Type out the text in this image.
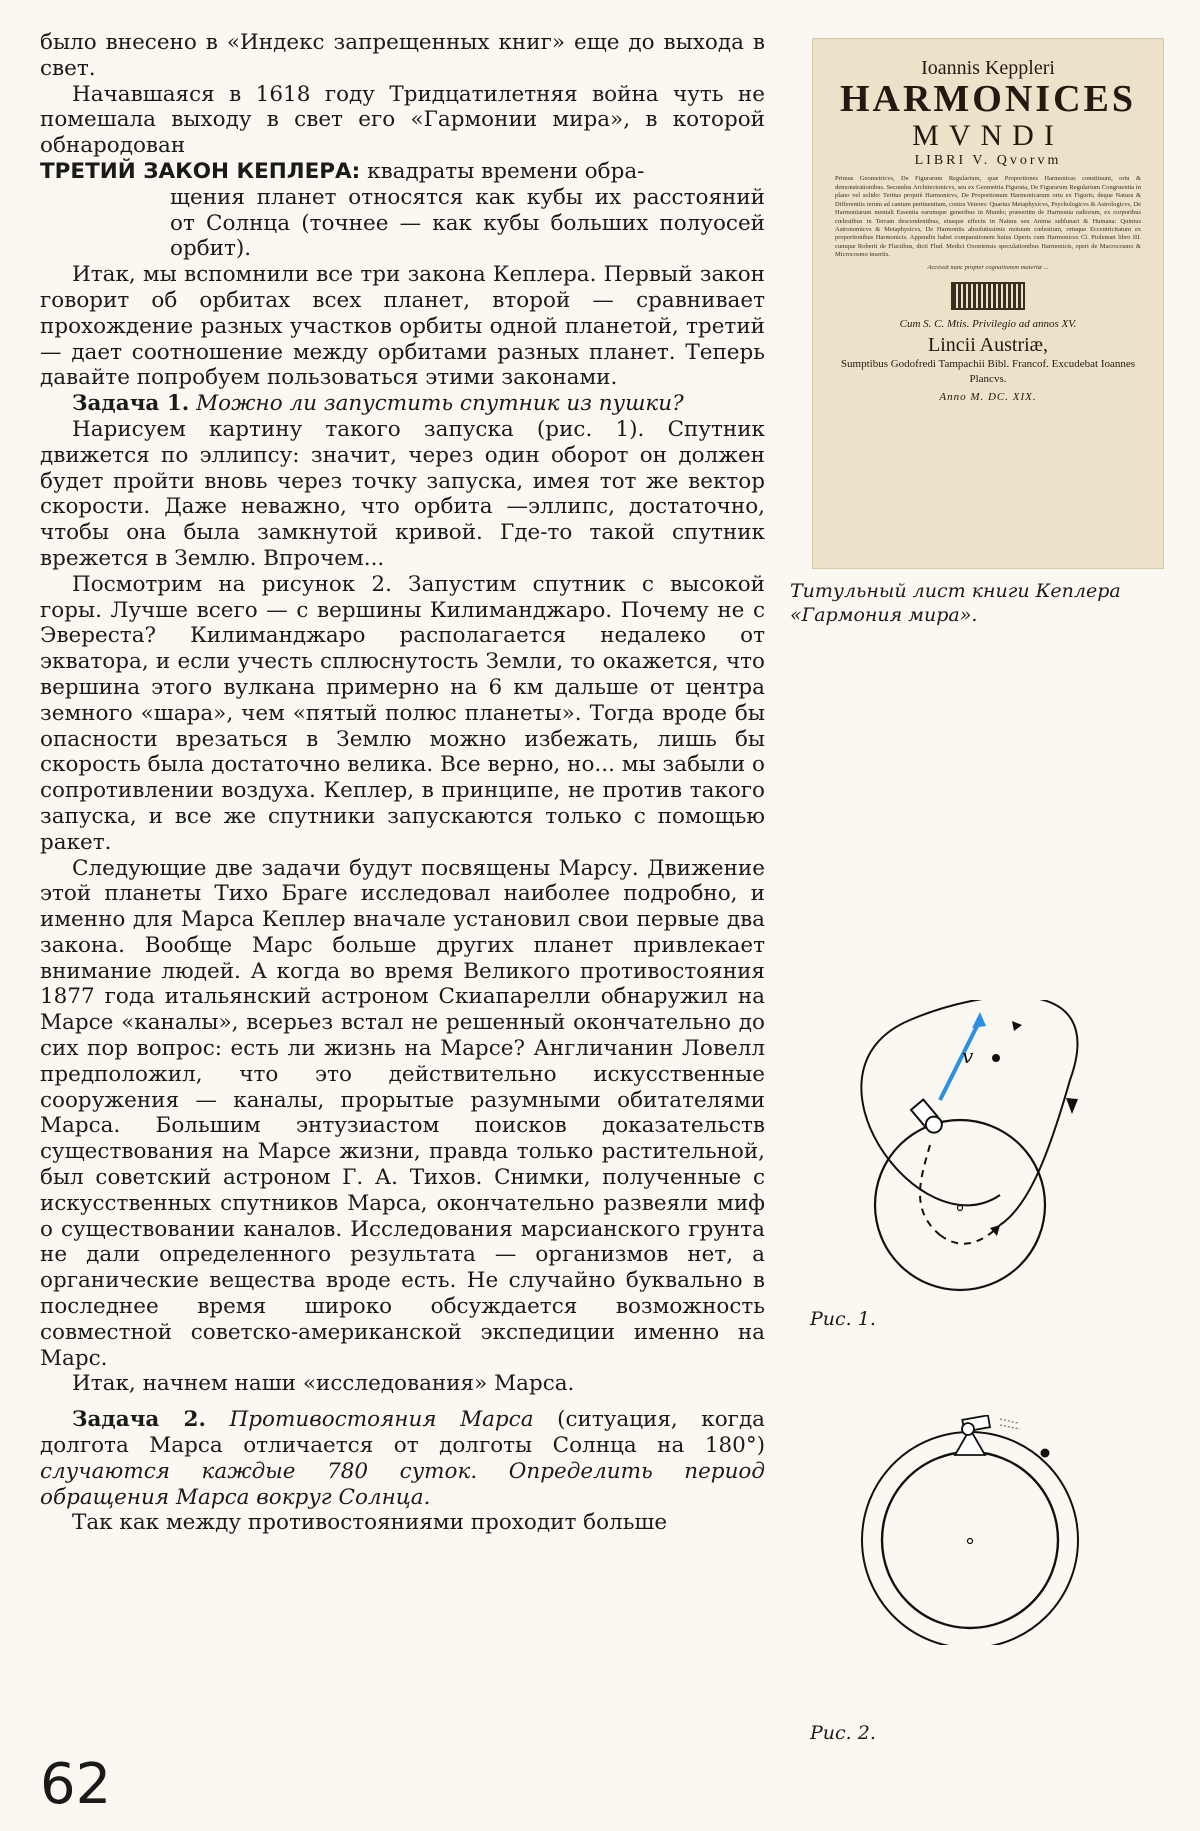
было внесено в «Индекс запрещенных книг» еще до выхода в свет.

Начавшаяся в 1618 году Тридцатилетняя война чуть не помешала выходу в свет его «Гармонии мира», в которой обнародован

ТРЕТИЙ ЗАКОН КЕПЛЕРА: квадраты времени обра-
щения планет относятся как кубы их расстояний от Солнца (точнее — как кубы больших полуосей орбит).

Итак, мы вспомнили все три закона Кеплера. Первый закон говорит об орбитах всех планет, второй — сравнивает прохождение разных участков орбиты одной планетой, третий — дает соотношение между орбитами разных планет. Теперь давайте попробуем пользоваться этими законами.

Задача 1. Можно ли запустить спутник из пушки?

Нарисуем картину такого запуска (рис. 1). Спутник движется по эллипсу: значит, через один оборот он должен будет пройти вновь через точку запуска, имея тот же вектор скорости. Даже неважно, что орбита —эллипс, достаточно, чтобы она была замкнутой кривой. Где-то такой спутник врежется в Землю. Впрочем...

Посмотрим на рисунок 2. Запустим спутник с высокой горы. Лучше всего — с вершины Килиманджаро. Почему не с Эвереста? Килиманджаро располагается недалеко от экватора, и если учесть сплюснутость Земли, то окажется, что вершина этого вулкана примерно на 6 км дальше от центра земного «шара», чем «пятый полюс планеты». Тогда вроде бы опасности врезаться в Землю можно избежать, лишь бы скорость была достаточно велика. Все верно, но... мы забыли о сопротивлении воздуха. Кеплер, в принципе, не против такого запуска, и все же спутники запускаются только с помощью ракет.

Следующие две задачи будут посвящены Марсу. Движение этой планеты Тихо Браге исследовал наиболее подробно, и именно для Марса Кеплер вначале установил свои первые два закона. Вообще Марс больше других планет привлекает внимание людей. А когда во время Великого противостояния 1877 года итальянский астроном Скиапарелли обнаружил на Марсе «каналы», всерьез встал не решенный окончательно до сих пор вопрос: есть ли жизнь на Марсе? Англичанин Ловелл предположил, что это действительно искусственные сооружения — каналы, прорытые разумными обитателями Марса. Большим энтузиастом поисков доказательств существования на Марсе жизни, правда только растительной, был советский астроном Г. А. Тихов. Снимки, полученные с искусственных спутников Марса, окончательно развеяли миф о существовании каналов. Исследования марсианского грунта не дали определенного результата — организмов нет, а органические вещества вроде есть. Не случайно буквально в последнее время широко обсуждается возможность совместной советско-американской экспедиции именно на Марс.

Итак, начнем наши «исследования» Марса.

Задача 2. Противостояния Марса (ситуация, когда долгота Марса отличается от долготы Солнца на 180°) случаются каждые 780 суток. Определить период обращения Марса вокруг Солнца.

Так как между противостояниями проходит больше

Ioannis Keppleri
HARMONICES
MVNDI
LIBRI V. Qvorvm
Primus Geometricvs, De Figurarum Regularium, quæ Proportiones Harmonicas constituunt, ortu & demonstrationibus. Secundus Architectonicvs, seu ex Geometria Figurata, De Figurarum Regularium Congruentia in plano vel solido: Tertius propriè Harmonicvs, De Proportionum Harmonicarum ortu ex Figuris; deque Natura & Differentiis rerum ad cantum pertinentium, contra Veteres: Quartus Metaphysicvs, Psychologicvs & Astrologicvs, De Harmoniarum mentali Essentia earumque generibus in Mundo; præsertim de Harmonia radiorum, ex corporibus cœlestibus in Terram descendentibus, eiusque effectu in Natura seu Anima sublunari & Humana: Quintus Astronomicvs & Metaphysicvs, De Harmoniis absolutissimis motuum cœlestium, ortuque Eccentricitatum ex proportionibus Harmonicis. Appendix habet comparationem huius Operis cum Harmonices Cl. Ptolemæi libro III. cumque Roberti de Fluctibus, dicti Flud. Medici Oxoniensis speculationibus Harmonicis, operi de Macrocosmo & Microcosmo insertis.
Accessit nunc propter cognationem materiæ ...
Cum S. C. Mtis. Privilegio ad annos XV.
Lincii Austriæ,
Sumptibus Godofredi Tampachii Bibl. Francof. Excudebat Ioannes Plancvs.
Anno M. DC. XIX.
Титульный лист книги Кеплера «Гармония мира».
v
Рис. 1.
Рис. 2.
62
